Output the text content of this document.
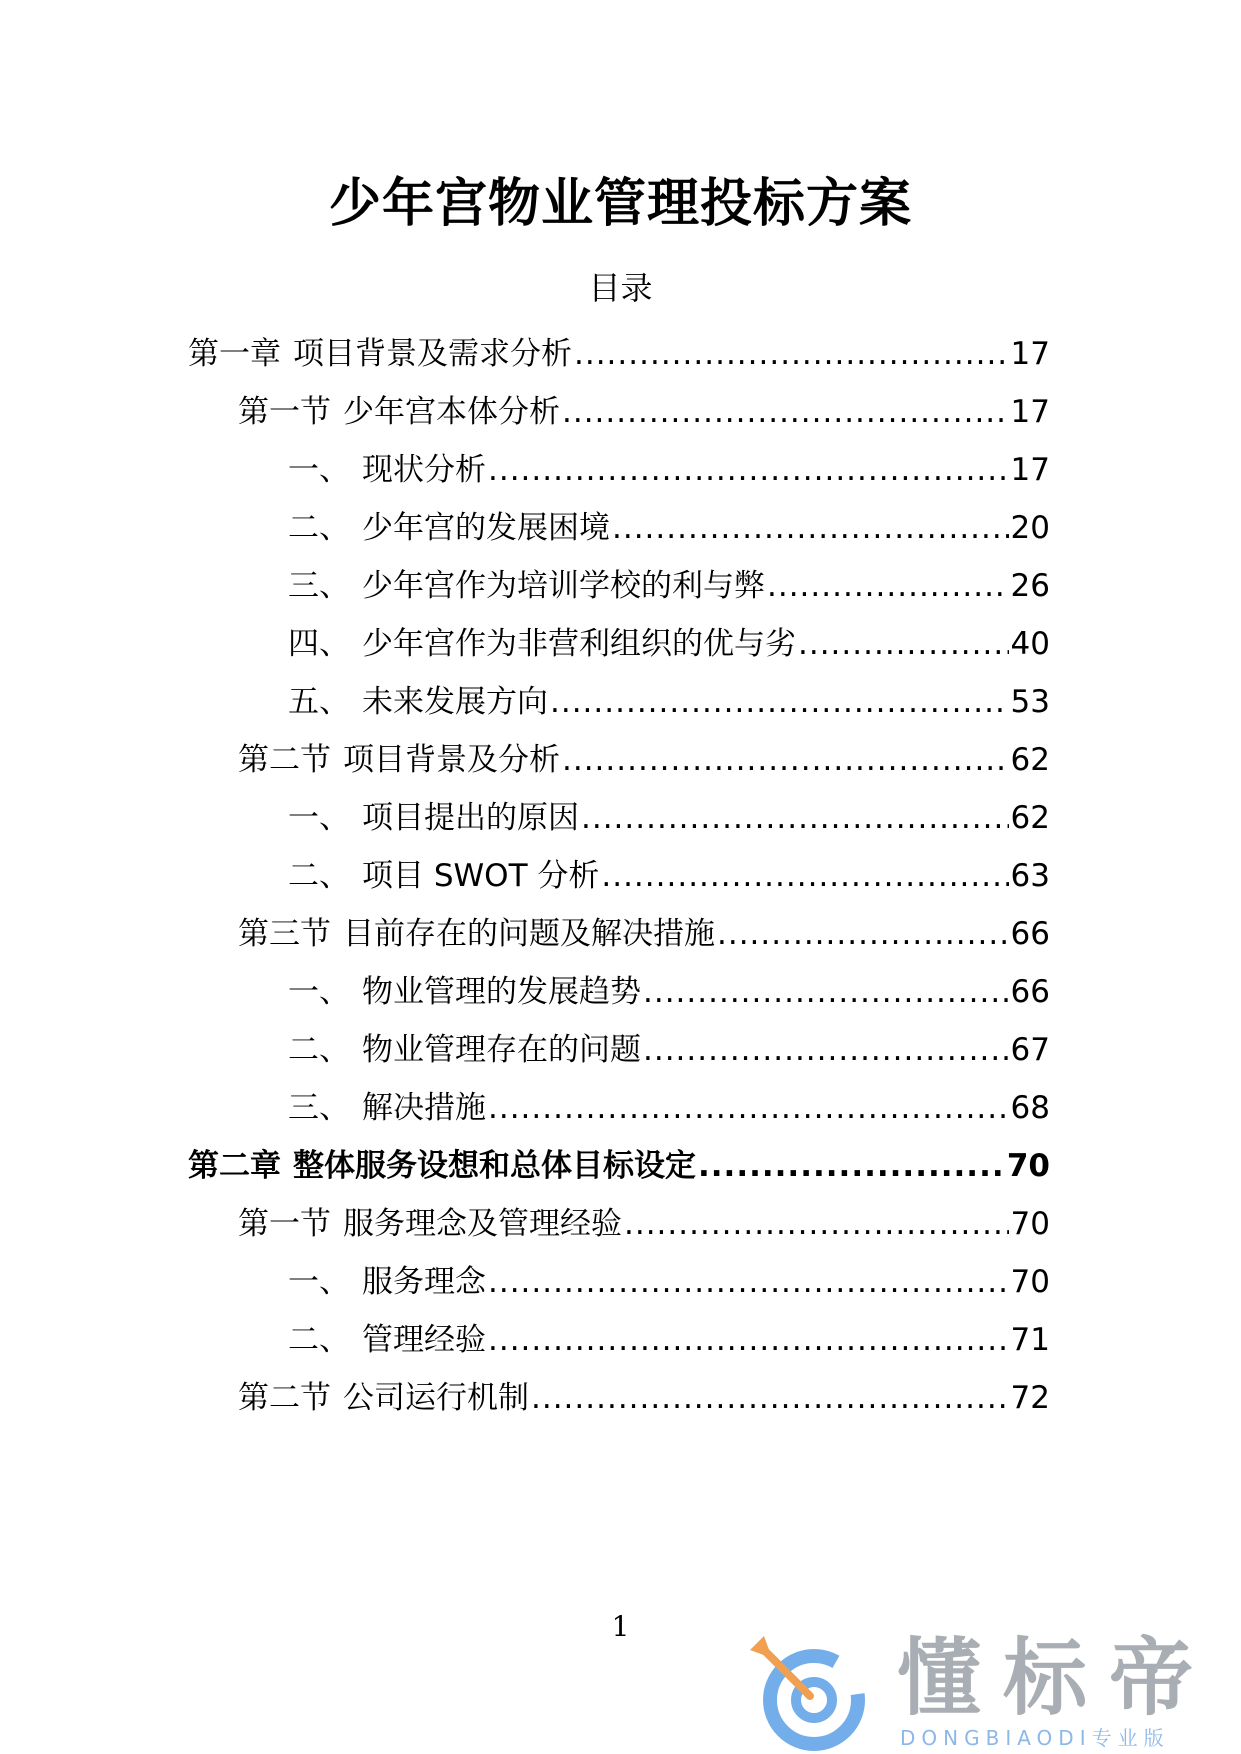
少年宫物业管理投标方案
目录
第一章 项目背景及需求分析 .....	17
第一节 少年宫本体分析 .....	17
一、 现状分析 .....	17
二、 少年宫的发展困境 .....	20
三、 少年宫作为培训学校的利与弊 .....	26
四、 少年宫作为非营利组织的优与劣 .....	40
五、 未来发展方向 .....	53
第二节 项目背景及分析 .....	62
一、 项目提出的原因 .....	62
二、 项目 SWOT 分析 .....	63
第三节 目前存在的问题及解决措施 .....	66
一、 物业管理的发展趋势 .....	66
二、 物业管理存在的问题 .....	67
三、 解决措施 .....	68
第二章 整体服务设想和总体目标设定 .....	70
第一节 服务理念及管理经验 .....	70
一、 服务理念 .....	70
二、 管理经验 .....	71
第二节 公司运行机制 .....	72
1
懂标帝
DONGBIAODI专业版
